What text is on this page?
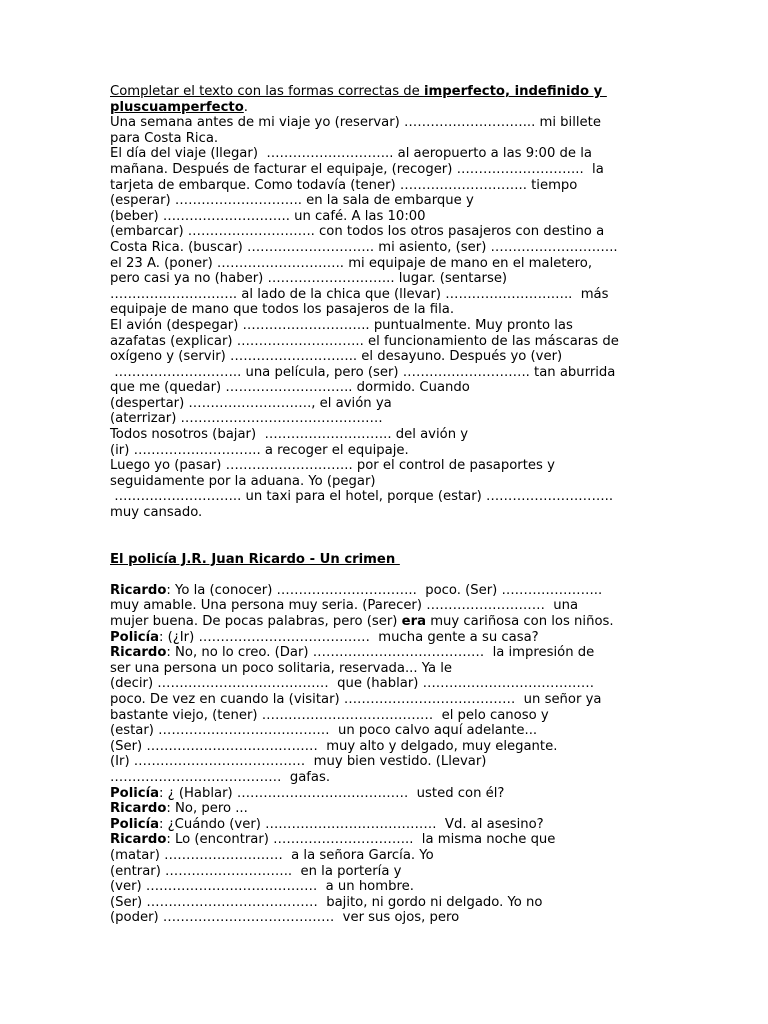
Completar el texto con las formas correctas de imperfecto, indefinido y
pluscuamperfecto.
Una semana antes de mi viaje yo (reservar) ………………………... mi billete
para Costa Rica.
El día del viaje (llegar)  ……………………….. al aeropuerto a las 9:00 de la
mañana. Después de facturar el equipaje, (recoger) ………………………..  la
tarjeta de embarque. Como todavía (tener) ……………………….. tiempo
(esperar) ……………………….. en la sala de embarque y
(beber) ……………………….. un café. A las 10:00
(embarcar) ……………………….. con todos los otros pasajeros con destino a
Costa Rica. (buscar) ……………………….. mi asiento, (ser) ………………………..
el 23 A. (poner) ……………………….. mi equipaje de mano en el maletero,
pero casi ya no (haber) ……………………….. lugar. (sentarse)
……………………….. al lado de la chica que (llevar) ………………………..  más
equipaje de mano que todos los pasajeros de la fila.
El avión (despegar) ……………………….. puntualmente. Muy pronto las
azafatas (explicar) ……………………….. el funcionamiento de las máscaras de
oxígeno y (servir) ……………………….. el desayuno. Después yo (ver)
……………………….. una película, pero (ser) ……………………….. tan aburrida
que me (quedar) ……………………….. dormido. Cuando
(despertar) ………………………., el avión ya
(aterrizar) ……………………………………….
Todos nosotros (bajar)  ……………………….. del avión y
(ir) ……………………….. a recoger el equipaje.
Luego yo (pasar) ……………………….. por el control de pasaportes y
seguidamente por la aduana. Yo (pegar)
……………………….. un taxi para el hotel, porque (estar) ………………………..
muy cansado.
El policía J.R. Juan Ricardo - Un crimen
Ricardo: Yo la (conocer) …………………………..  poco. (Ser) …………………..
muy amable. Una persona muy seria. (Parecer) ………………………  una
mujer buena. De pocas palabras, pero (ser) era muy cariñosa con los niños.
Policía: (¿Ir) …………………………………  mucha gente a su casa?
Ricardo: No, no lo creo. (Dar) …………………………………  la impresión de
ser una persona un poco solitaria, reservada... Ya le
(decir) …………………………………  que (hablar) …………………………………
poco. De vez en cuando la (visitar) …………………………………  un señor ya
bastante viejo, (tener) …………………………………  el pelo canoso y
(estar) …………………………………  un poco calvo aquí adelante...
(Ser) …………………………………  muy alto y delgado, muy elegante.
(Ir) …………………………………  muy bien vestido. (Llevar)
…………………………………  gafas.
Policía: ¿ (Hablar) …………………………………  usted con él?
Ricardo: No, pero ...
Policía: ¿Cuándo (ver) …………………………………  Vd. al asesino?
Ricardo: Lo (encontrar) …………………………..  la misma noche que
(matar) ………………………  a la señora García. Yo
(entrar) ………………………..  en la portería y
(ver) …………………………………  a un hombre.
(Ser) …………………………………  bajito, ni gordo ni delgado. Yo no
(poder) …………………………………  ver sus ojos, pero
